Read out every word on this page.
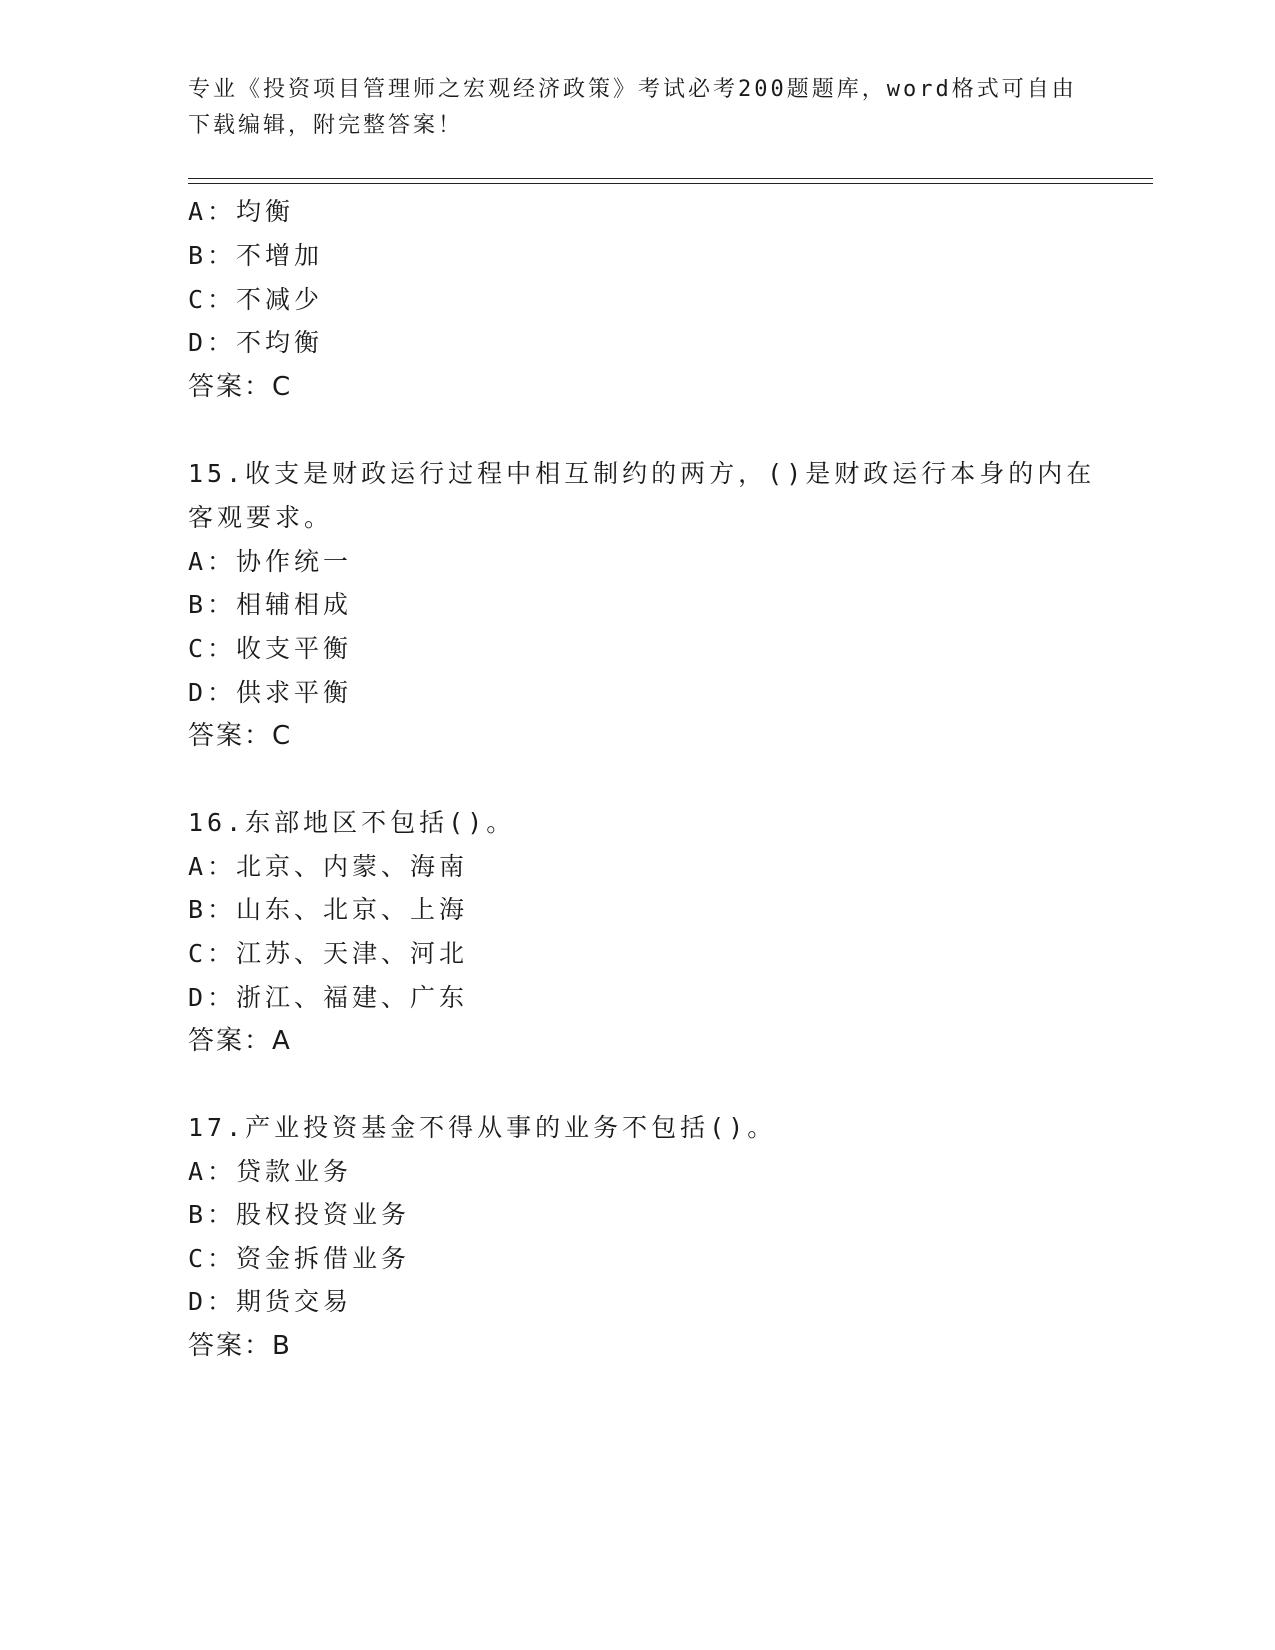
专业《投资项目管理师之宏观经济政策》考试必考200题题库，word格式可自由
下载编辑，附完整答案！
A：均衡
B：不增加
C：不减少
D：不均衡
答案：C
15.收支是财政运行过程中相互制约的两方，()是财政运行本身的内在
客观要求。
A：协作统一
B：相辅相成
C：收支平衡
D：供求平衡
答案：C
16.东部地区不包括()。
A：北京、内蒙、海南
B：山东、北京、上海
C：江苏、天津、河北
D：浙江、福建、广东
答案：A
17.产业投资基金不得从事的业务不包括()。
A：贷款业务
B：股权投资业务
C：资金拆借业务
D：期货交易
答案：B
